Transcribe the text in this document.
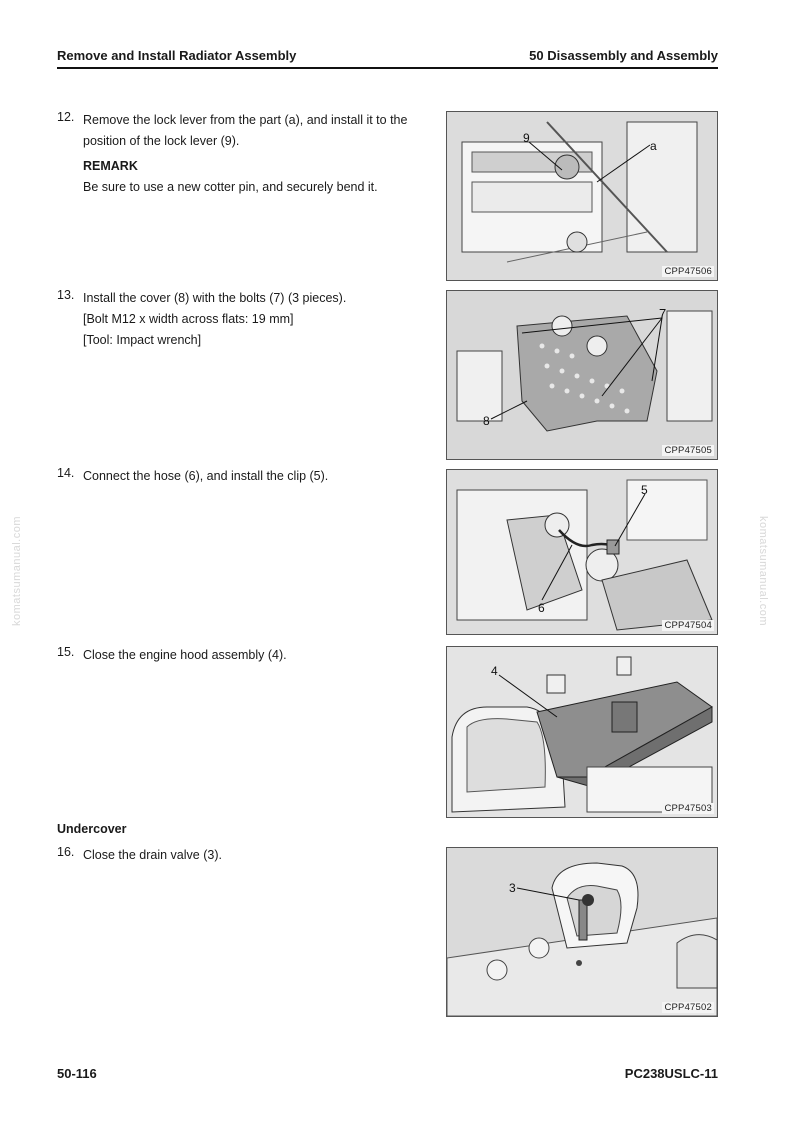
Remove and Install Radiator Assembly	50 Disassembly and Assembly
12. Remove the lock lever from the part (a), and install it to the position of the lock lever (9).

REMARK

Be sure to use a new cotter pin, and securely bend it.

13. Install the cover (8) with the bolts (7) (3 pieces).

[Bolt M12 x width across flats: 19 mm]

[Tool: Impact wrench]

14. Connect the hose (6), and install the clip (5).

15. Close the engine hood assembly (4).

Undercover
16. Close the drain valve (3).

9
a
CPP47506
7
8
CPP47505
5
6
CPP47504
4
CPP47503
3
CPP47502
komatsumanual.com	komatsumanual.com
50-116	PC238USLC-11
